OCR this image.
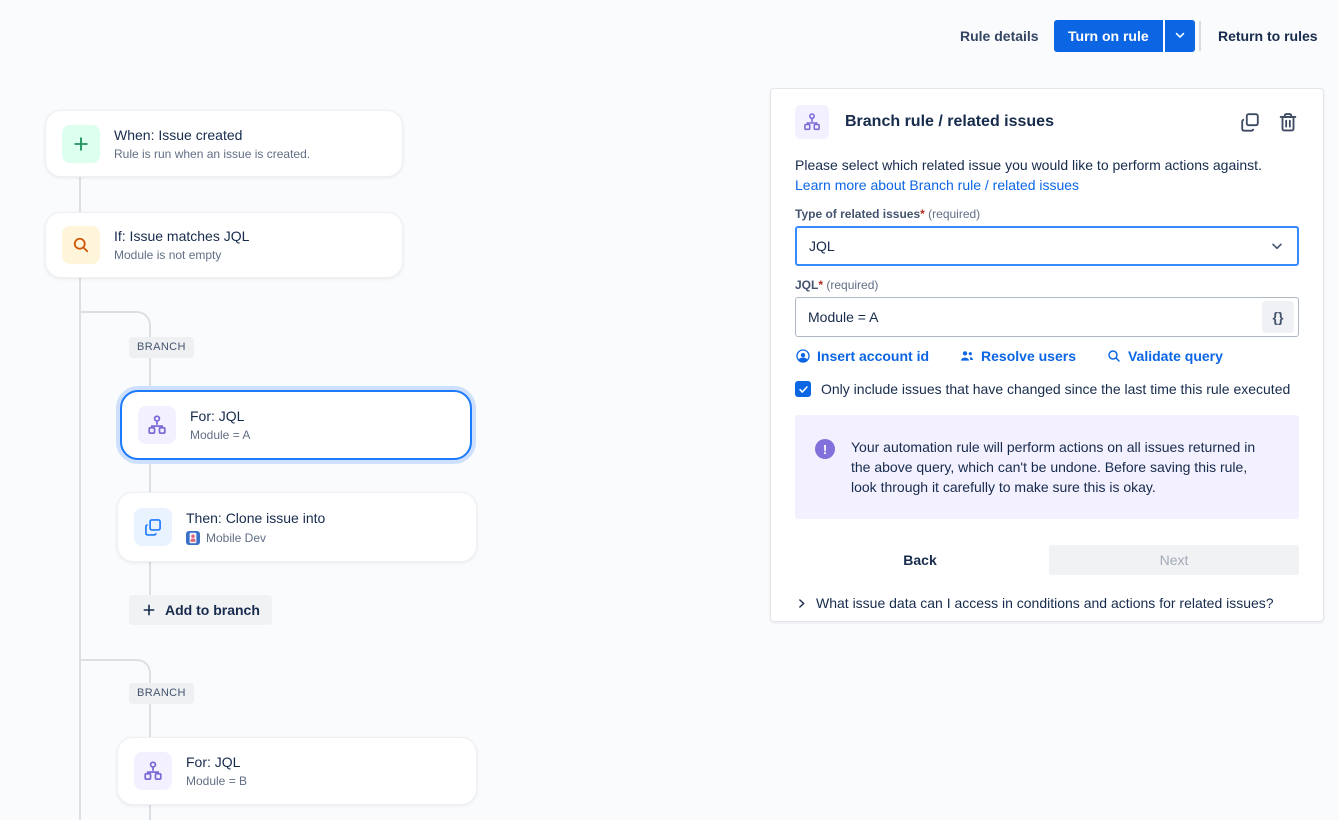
Rule details	Turn on rule	Return to rules
When: Issue created
Rule is run when an issue is created.
If: Issue matches JQL
Module is not empty
BRANCH
For: JQL
Module = A
Then: Clone issue into
Mobile Dev
Add to branch
BRANCH
For: JQL
Module = B
Branch rule / related issues

Please select which related issue you would like to perform actions against. Learn more about Branch rule / related issues

Type of related issues* (required)
JQL
JQL* (required)
Module = A	{}
Insert account id	Resolve users	Validate query
Only include issues that have changed since the last time this rule executed
!	Your automation rule will perform actions on all issues returned in the above query, which can't be undone. Before saving this rule, look through it carefully to make sure this is okay.
Back	Next
What issue data can I access in conditions and actions for related issues?
